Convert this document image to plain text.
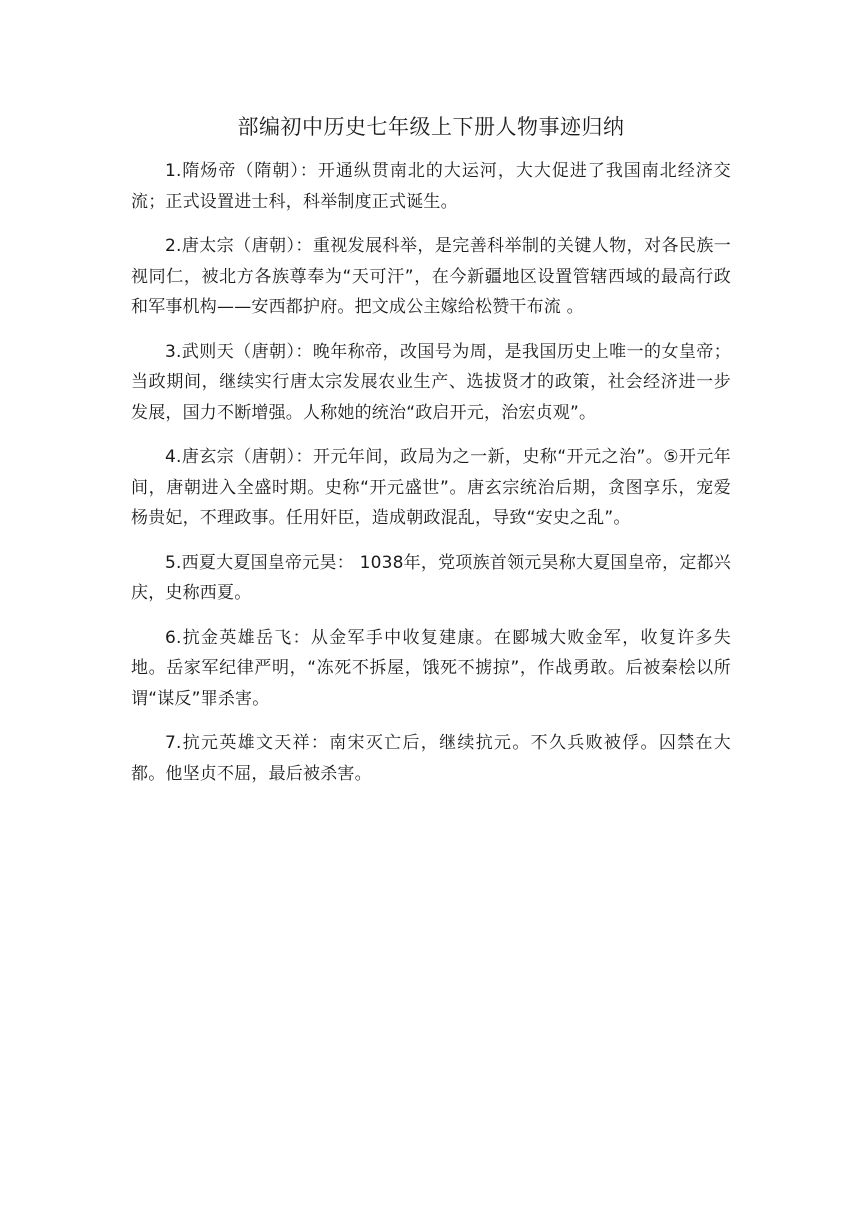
部编初中历史七年级上下册人物事迹归纳

1.隋炀帝（隋朝）：开通纵贯南北的大运河，大大促进了我国南北经济交流；正式设置进士科，科举制度正式诞生。

2.唐太宗（唐朝）：重视发展科举，是完善科举制的关键人物，对各民族一视同仁，被北方各族尊奉为“天可汗”，在今新疆地区设置管辖西域的最高行政和军事机构——安西都护府。把文成公主嫁给松赞干布流 。

3.武则天（唐朝）：晚年称帝，改国号为周，是我国历史上唯一的女皇帝；当政期间，继续实行唐太宗发展农业生产、选拔贤才的政策，社会经济进一步发展，国力不断增强。人称她的统治“政启开元，治宏贞观”。

4.唐玄宗（唐朝）：开元年间，政局为之一新，史称“开元之治”。⑤开元年间，唐朝进入全盛时期。史称“开元盛世”。唐玄宗统治后期，贪图享乐，宠爱杨贵妃，不理政事。任用奸臣，造成朝政混乱，导致“安史之乱”。

5.西夏大夏国皇帝元昊： 1038年，党项族首领元昊称大夏国皇帝，定都兴庆，史称西夏。

6.抗金英雄岳飞：从金军手中收复建康。在郾城大败金军，收复许多失地。岳家军纪律严明，“冻死不拆屋，饿死不掳掠”，作战勇敢。后被秦桧以所谓“谋反”罪杀害。

7.抗元英雄文天祥：南宋灭亡后，继续抗元。不久兵败被俘。囚禁在大都。他坚贞不屈，最后被杀害。
